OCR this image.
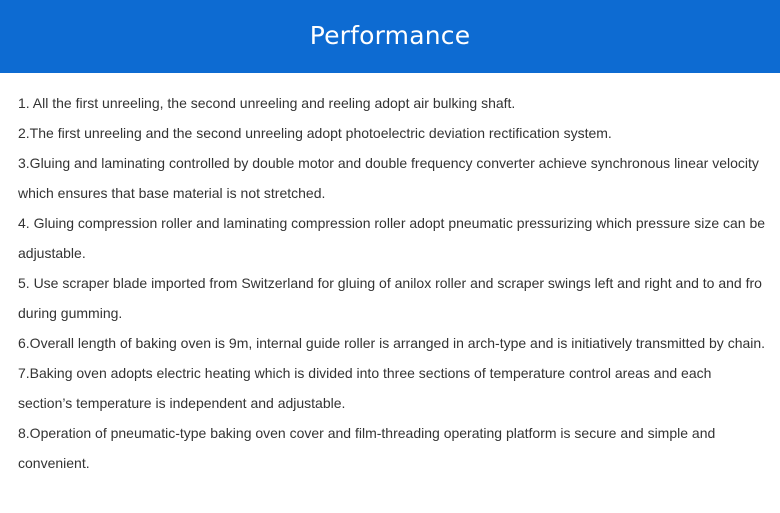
Performance

1. All the first unreeling, the second unreeling and reeling adopt air bulking shaft.

2.The first unreeling and the second unreeling adopt photoelectric deviation rectification system.

3.Gluing and laminating controlled by double motor and double frequency converter achieve synchronous linear velocity which ensures that base material is not stretched.

4. Gluing compression roller and laminating compression roller adopt pneumatic pressurizing which pressure size can be adjustable.

5. Use scraper blade imported from Switzerland for gluing of anilox roller and scraper swings left and right and to and fro during gumming.

6.Overall length of baking oven is 9m, internal guide roller is arranged in arch-type and is initiatively transmitted by chain.

7.Baking oven adopts electric heating which is divided into three sections of temperature control areas and each section’s temperature is independent and adjustable.

8.Operation of pneumatic-type baking oven cover and film-threading operating platform is secure and simple and convenient.
